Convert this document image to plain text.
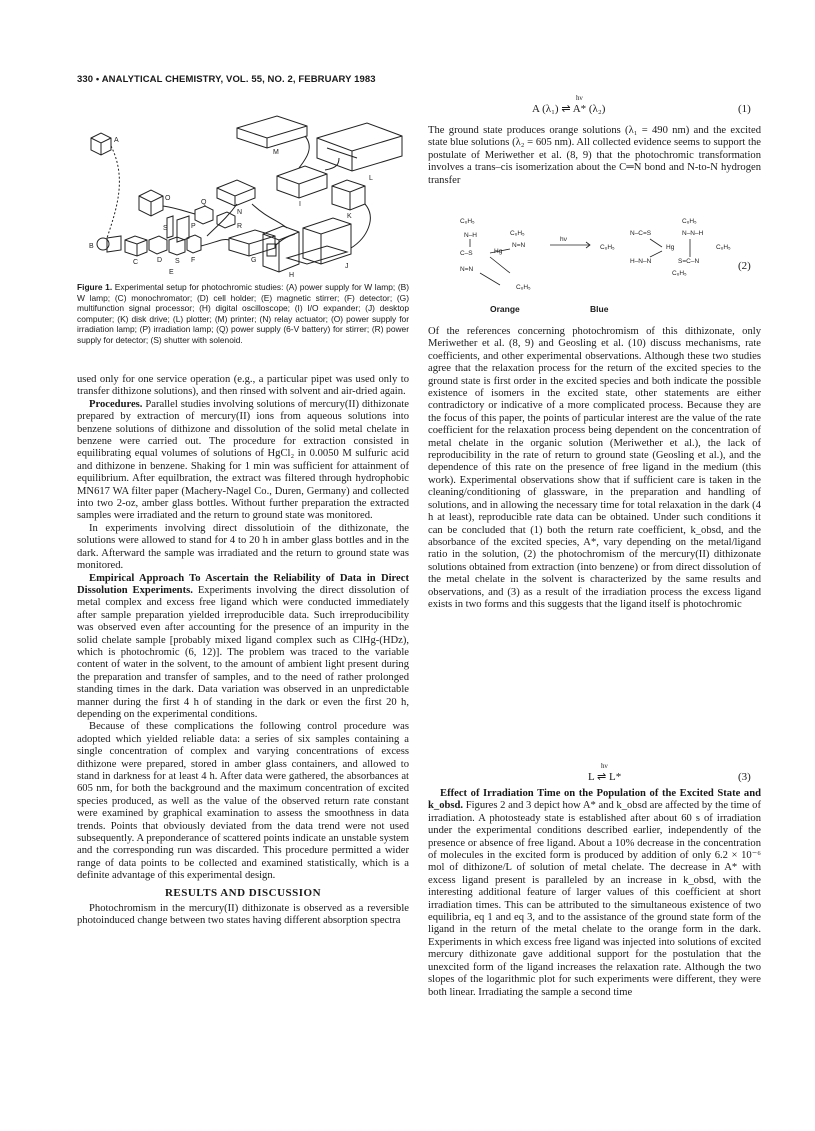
330 • ANALYTICAL CHEMISTRY, VOL. 55, NO. 2, FEBRUARY 1983
A
M
L
O
N
K
S	P
Q
R
I
B
C	D S F	G
J
E	H
Figure 1. Experimental setup for photochromic studies: (A) power supply for W lamp; (B) W lamp; (C) monochromator; (D) cell holder; (E) magnetic stirrer; (F) detector; (G) multifunction signal processor; (H) digital oscilloscope; (I) I/O expander; (J) desktop computer; (K) disk drive; (L) plotter; (M) printer; (N) relay actuator; (O) power supply for irradiation lamp; (P) irradiation lamp; (Q) power supply (6-V battery) for stirrer; (R) power supply for detector; (S) shutter with solenoid.

used only for one service operation (e.g., a particular pipet was used only to transfer dithizone solutions), and then rinsed with solvent and air-dried again.

Procedures. Parallel studies involving solutions of mercury(II) dithizonate prepared by extraction of mercury(II) ions from aqueous solutions into benzene solutions of dithizone and dissolution of the solid metal chelate in benzene were carried out. The procedure for extraction consisted in equilibrating equal volumes of solutions of HgCl₂ in 0.0050 M sulfuric acid and dithizone in benzene. Shaking for 1 min was sufficient for attainment of equilibrium. After equilbration, the extract was filtered through hydrophobic MN617 WA filter paper (Machery-Nagel Co., Duren, Germany) and collected into two 2-oz, amber glass bottles. Without further preparation the extracted samples were irradiated and the return to ground state was monitored.

In experiments involving direct dissolutioin of the dithizonate, the solutions were allowed to stand for 4 to 20 h in amber glass bottles and in the dark. Afterward the sample was irradiated and the return to ground state was monitored.

Empirical Approach To Ascertain the Reliability of Data in Direct Dissolution Experiments. Experiments involving the direct dissolution of metal complex and excess free ligand which were conducted immediately after sample preparation yielded irreproducible data. Such irreproducibility was observed even after accounting for the presence of an impurity in the solid chelate sample [probably mixed ligand complex such as ClHg-(HDz), which is photochromic (6, 12)]. The problem was traced to the variable content of water in the solvent, to the amount of ambient light present during the preparation and transfer of samples, and to the need of rather prolonged standing times in the dark. Data variation was observed in an unpredictable manner during the first 4 h of standing in the dark or even the first 20 h, depending on the experimental conditions.

Because of these complications the following control procedure was adopted which yielded reliable data: a series of six samples containing a single concentration of complex and varying concentrations of excess dithizone were prepared, stored in amber glass containers, and allowed to stand in darkness for at least 4 h. After data were gathered, the absorbances at 605 nm, for both the background and the maximum concentration of excited species produced, as well as the value of the observed return rate constant were examined by graphical examination to assess the smoothness in data trends. Points that obviously deviated from the data trend were not used subsequently. A preponderance of scattered points indicate an unstable system and the corresponding run was discarded. This procedure permitted a wider range of data points to be collected and examined statistically, which is a definite advantage of this experimental design.

RESULTS AND DISCUSSION

Photochromism in the mercury(II) dithizonate is observed as a reversible photoinduced change between two states having different absorption spectra

A (λ₁) ⇌ A* (λ₂)
hν
(1)

The ground state produces orange solutions (λ₁ = 490 nm) and the excited state blue solutions (λ₂ = 605 nm). All collected evidence seems to support the postulate of Meriwether et al. (8, 9) that the photochromic transformation involves a trans–cis isomerization about the C═N bond and N-to-N hydrogen transfer

C₆H₅
N–H
C–S
N=N
Hg
C₆H₅
N=N
C₆H₅
hν
C₆H₅
N–C=S
H–N–N
Hg
C₆H₅
N–N–H
S=C–N
C₆H₅
C₆H₅
Orange	Blue
(2)

Of the references concerning photochromism of this dithizonate, only Meriwether et al. (8, 9) and Geosling et al. (10) discuss mechanisms, rate coefficients, and other experimental observations. Although these two studies agree that the relaxation process for the return of the excited species to the ground state is first order in the excited species and both indicate the possible existence of isomers in the excited state, other statements are either contradictory or indicative of a more complicated process. Because they are the focus of this paper, the points of particular interest are the value of the rate coefficient for the relaxation process being dependent on the concentration of metal chelate in the organic solution (Meriwether et al.), the lack of reproducibility in the rate of return to ground state (Geosling et al.), and the dependence of this rate on the presence of free ligand in the medium (this work). Experimental observations show that if sufficient care is taken in the cleaning/conditioning of glassware, in the preparation and handling of solutions, and in allowing the necessary time for total relaxation in the dark (4 h at least), reproducible rate data can be obtained. Under such conditions it can be concluded that (1) both the return rate coefficient, k_obsd, and the absorbance of the excited species, A*, vary depending on the metal/ligand ratio in the solution, (2) the photochromism of the mercury(II) dithizonate solutions obtained from extraction (into benzene) or from direct dissolution of the metal chelate in the solvent is characterized by the same results and observations, and (3) as a result of the irradiation process the excess ligand exists in two forms and this suggests that the ligand itself is photochromic

L ⇌ L*
hν
(3)

Effect of Irradiation Time on the Population of the Excited State and k_obsd. Figures 2 and 3 depict how A* and k_obsd are affected by the time of irradiation. A photosteady state is established after about 60 s of irradiation under the experimental conditions described earlier, independently of the presence or absence of free ligand. About a 10% decrease in the concentration of molecules in the excited form is produced by addition of only 6.2 × 10⁻⁶ mol of dithizone/L of solution of metal chelate. The decrease in A* with excess ligand present is paralleled by an increase in k_obsd, with the interesting additional feature of larger values of this coefficient at short irradiation times. This can be attributed to the simultaneous existence of two equilibria, eq 1 and eq 3, and to the assistance of the ground state form of the ligand in the return of the metal chelate to the orange form in the dark. Experiments in which excess free ligand was injected into solutions of excited mercury dithizonate gave additional support for the postulation that the unexcited form of the ligand increases the relaxation rate. Although the two slopes of the logarithmic plot for such experiments were different, they were both linear. Irradiating the sample a second time
